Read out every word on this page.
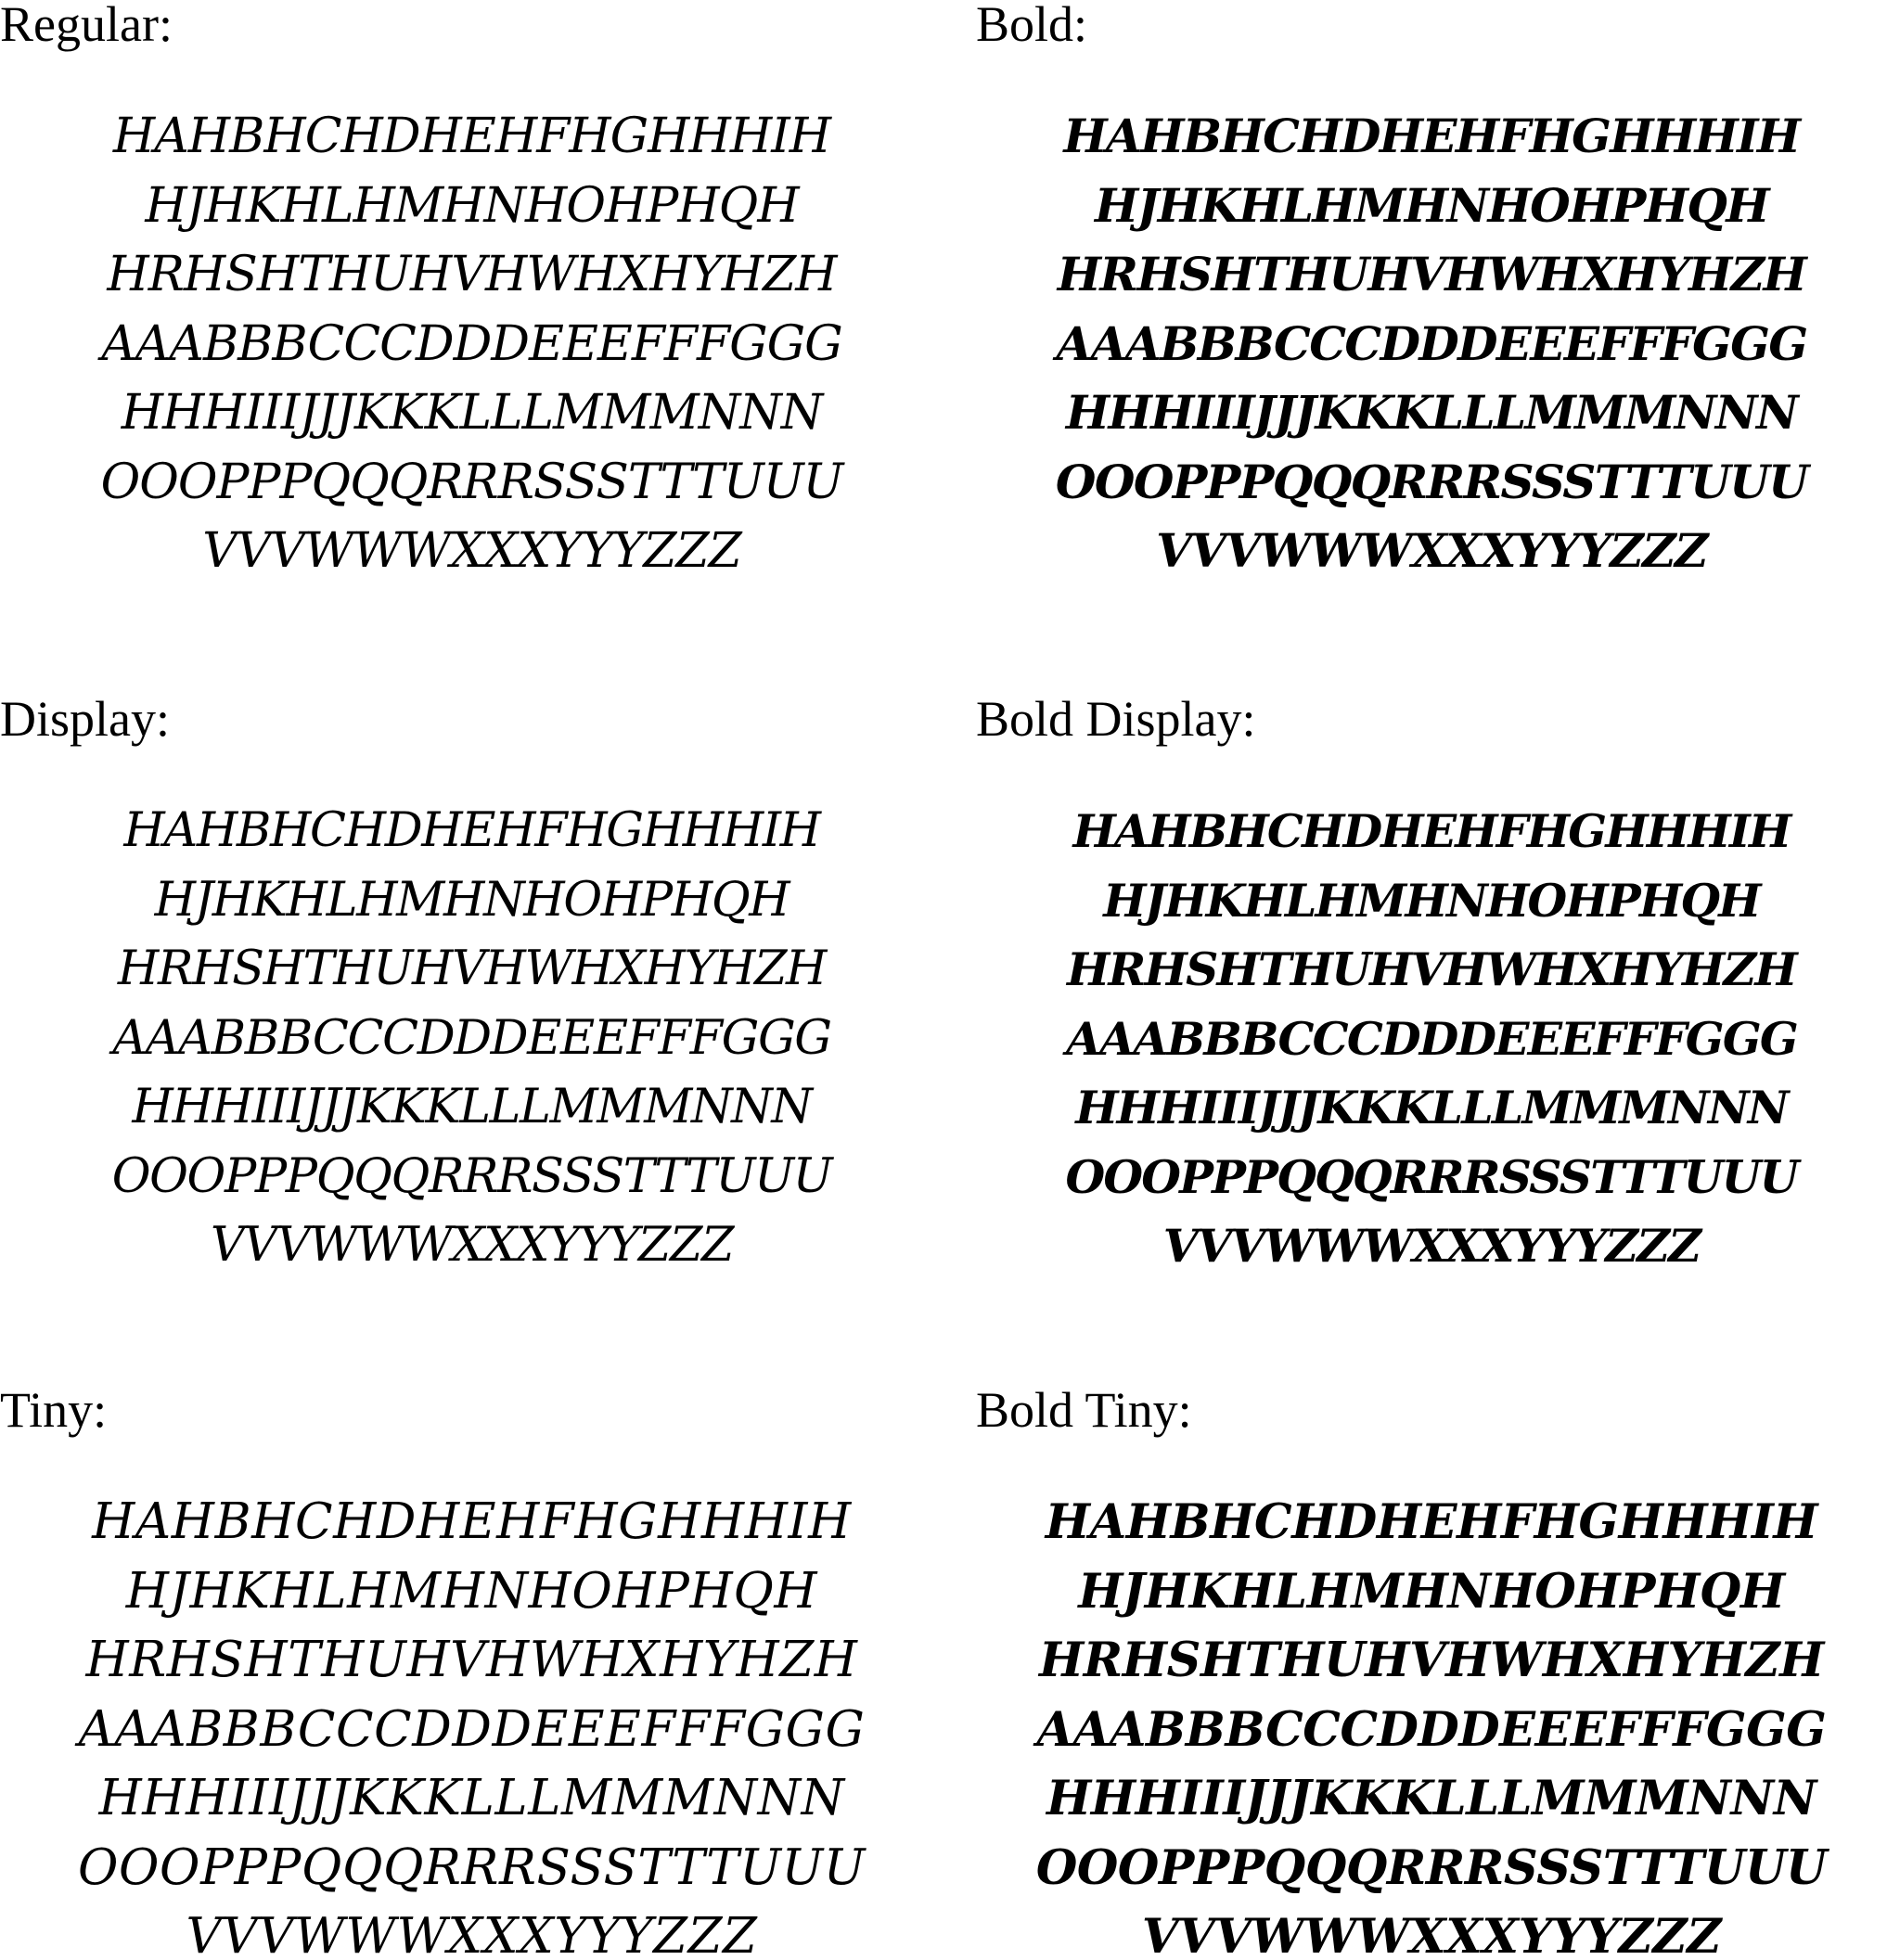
Regular:
HAHBHCHDHEHFHGHHHIH
HJHKHLHMHNHOHPHQH
HRHSHTHUHVHWHXHYHZH
AAABBBCCCDDDEEEFFFGGG
HHHIIIJJJKKKLLLMMMNNN
OOOPPPQQQRRRSSSTTTUUU
VVVWWWXXXYYYZZZ
Bold:
HAHBHCHDHEHFHGHHHIH
HJHKHLHMHNHOHPHQH
HRHSHTHUHVHWHXHYHZH
AAABBBCCCDDDEEEFFFGGG
HHHIIIJJJKKKLLLMMMNNN
OOOPPPQQQRRRSSSTTTUUU
VVVWWWXXXYYYZZZ
Display:
HAHBHCHDHEHFHGHHHIH
HJHKHLHMHNHOHPHQH
HRHSHTHUHVHWHXHYHZH
AAABBBCCCDDDEEEFFFGGG
HHHIIIJJJKKKLLLMMMNNN
OOOPPPQQQRRRSSSTTTUUU
VVVWWWXXXYYYZZZ
Bold Display:
HAHBHCHDHEHFHGHHHIH
HJHKHLHMHNHOHPHQH
HRHSHTHUHVHWHXHYHZH
AAABBBCCCDDDEEEFFFGGG
HHHIIIJJJKKKLLLMMMNNN
OOOPPPQQQRRRSSSTTTUUU
VVVWWWXXXYYYZZZ
Tiny:
HAHBHCHDHEHFHGHHHIH
HJHKHLHMHNHOHPHQH
HRHSHTHUHVHWHXHYHZH
AAABBBCCCDDDEEEFFFGGG
HHHIIIJJJKKKLLLMMMNNN
OOOPPPQQQRRRSSSTTTUUU
VVVWWWXXXYYYZZZ
Bold Tiny:
HAHBHCHDHEHFHGHHHIH
HJHKHLHMHNHOHPHQH
HRHSHTHUHVHWHXHYHZH
AAABBBCCCDDDEEEFFFGGG
HHHIIIJJJKKKLLLMMMNNN
OOOPPPQQQRRRSSSTTTUUU
VVVWWWXXXYYYZZZ
